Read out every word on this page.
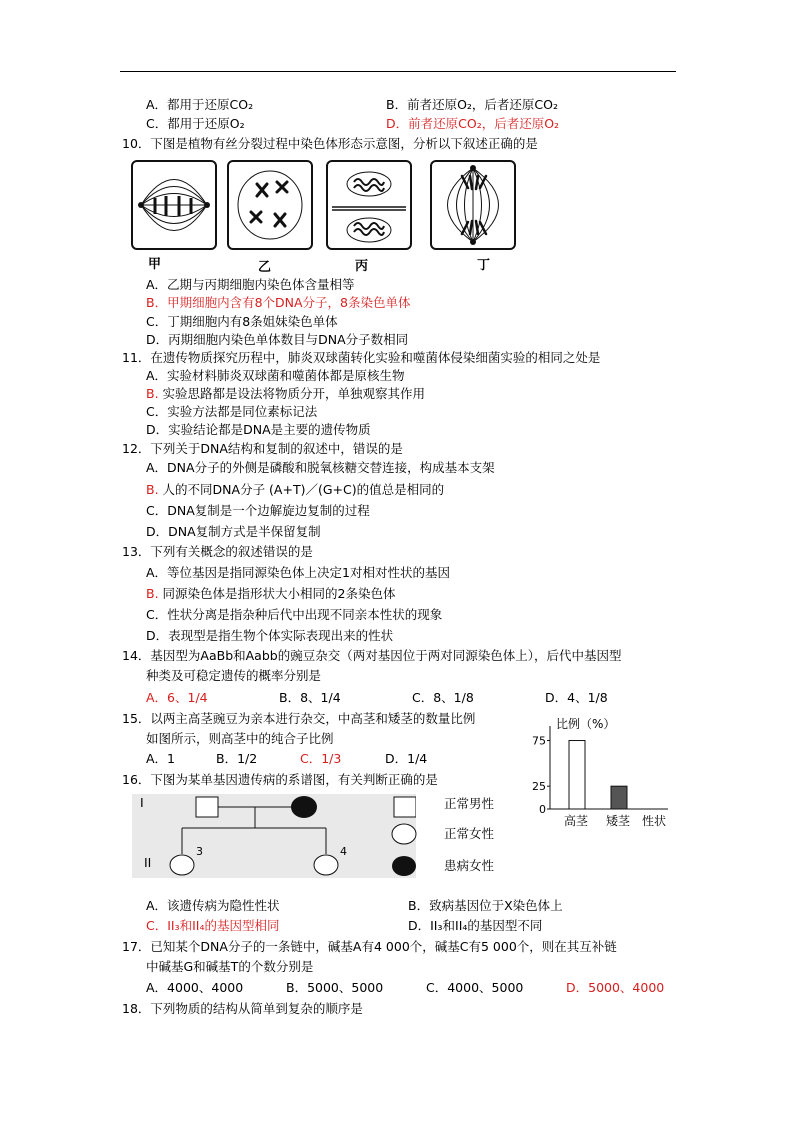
A．都用于还原CO₂	B．前者还原O₂，后者还原CO₂
C．都用于还原O₂	D．前者还原CO₂，后者还原O₂
10．下图是植物有丝分裂过程中染色体形态示意图，分析以下叙述正确的是
甲	乙	丙	丁
A．乙期与丙期细胞内染色体含量相等
B．甲期细胞内含有8个DNA分子，8条染色单体
C．丁期细胞内有8条姐妹染色单体
D．丙期细胞内染色单体数目与DNA分子数相同
11．在遗传物质探究历程中，肺炎双球菌转化实验和噬菌体侵染细菌实验的相同之处是
A．实验材料肺炎双球菌和噬菌体都是原核生物
B. 实验思路都是设法将物质分开，单独观察其作用
C．实验方法都是同位素标记法
D．实验结论都是DNA是主要的遗传物质
12．下列关于DNA结构和复制的叙述中，错误的是
A．DNA分子的外侧是磷酸和脱氧核糖交替连接，构成基本支架
B. 人的不同DNA分子 (A+T)／(G+C)的值总是相同的
C．DNA复制是一个边解旋边复制的过程
D．DNA复制方式是半保留复制
13．下列有关概念的叙述错误的是
A．等位基因是指同源染色体上决定1对相对性状的基因
B. 同源染色体是指形状大小相同的2条染色体
C．性状分离是指杂种后代中出现不同亲本性状的现象
D．表现型是指生物个体实际表现出来的性状
14．基因型为AaBb和Aabb的豌豆杂交（两对基因位于两对同源染色体上），后代中基因型
种类及可稳定遗传的概率分别是
A．6、1/4	B．8、1/4	C．8、1/8	D．4、1/8
15．以两主高茎豌豆为亲本进行杂交，中高茎和矮茎的数量比例
如图所示，则高茎中的纯合子比例
A．1	B．1/2	C．1/3	D．1/4
比例（%）
性状
高茎 矮茎
75
25
0
16．下图为某单基因遗传病的系谱图，有关判断正确的是
I
II
3	4
正常男性
正常女性
患病女性
A．该遗传病为隐性性状	B．致病基因位于X染色体上
C．II₃和II₄的基因型相同	D．II₃和II₄的基因型不同
17．已知某个DNA分子的一条链中，碱基A有4 000个，碱基C有5 000个，则在其互补链
中碱基G和碱基T的个数分别是
A．4000、4000	B．5000、5000	C．4000、5000	D．5000、4000
18．下列物质的结构从简单到复杂的顺序是
